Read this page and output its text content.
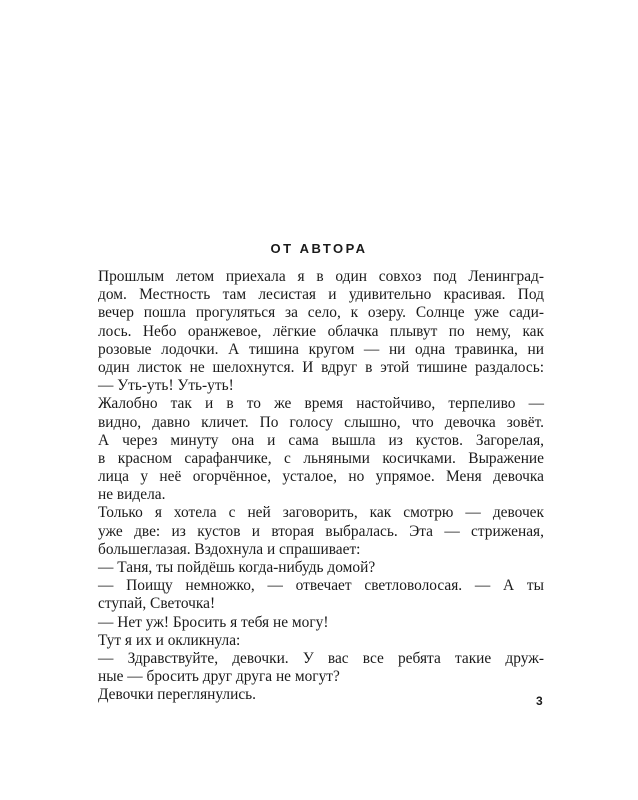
ОТ АВТОРА
Прошлым летом приехала я в один совхоз под Ленинград-
дом. Местность там лесистая и удивительно красивая. Под
вечер пошла прогуляться за село, к озеру. Солнце уже сади-
лось. Небо оранжевое, лёгкие облачка плывут по нему, как
розовые лодочки. А тишина кругом — ни одна травинка, ни
один листок не шелохнутся. И вдруг в этой тишине раздалось:
— Уть-уть! Уть-уть!
Жалобно так и в то же время настойчиво, терпеливо —
видно, давно кличет. По голосу слышно, что девочка зовёт.
А через минуту она и сама вышла из кустов. Загорелая,
в красном сарафанчике, с льняными косичками. Выражение
лица у неё огорчённое, усталое, но упрямое. Меня девочка
не видела.
Только я хотела с ней заговорить, как смотрю — девочек
уже две: из кустов и вторая выбралась. Эта — стриженая,
большеглазая. Вздохнула и спрашивает:
— Таня, ты пойдёшь когда-нибудь домой?
— Поищу немножко, — отвечает светловолосая. — А ты
ступай, Светочка!
— Нет уж! Бросить я тебя не могу!
Тут я их и окликнула:
— Здравствуйте, девочки. У вас все ребята такие друж-
ные — бросить друг друга не могут?
Девочки переглянулись.	3
